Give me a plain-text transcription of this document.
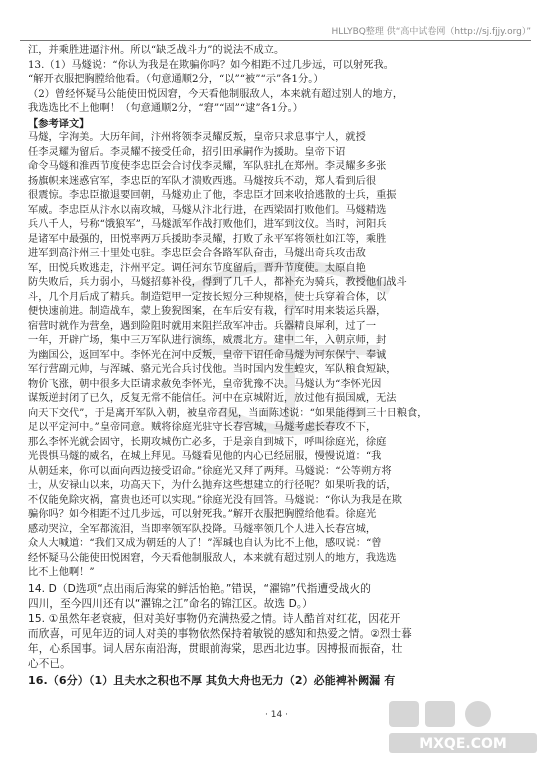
HLLYBQ整理 供“高中试卷网（http://sj.fjjy.org）”
江，并乘胜进逼汴州。所以“缺乏战斗力”的说法不成立。
13.（1）马燧说：“你认为我是在欺骗你吗？如今相距不过几步远，可以射死我。
“解开衣服把胸膛给他看。（句意通顺2分，“以”“被”“示”各1分。）
（2）曾经怀疑马公能使田悦因窘，今天看他制服敌人，本来就有超过别人的地方，
我选选比不上他啊！（句意通顺2分，“窘”“固”“逮”各1分。）
【参考译文】
马燧，字洵美。大历年间，汴州将领李灵耀反叛，皇帝只求息事宁人，就授
任李灵耀为留后。李灵耀不接受任命，招引田承嗣作为援助。皇帝下诏
命令马燧和淮西节度使李忠臣会合讨伐李灵耀，军队驻扎在郑州。李灵耀多多张
扬旗帜来迷惑官军，李忠臣的军队才溃败西逃。马燧按兵不动，郑人看到后很
很震惊。李忠臣撤退要回朝，马燧劝止了他，李忠臣才回来收拾逃散的士兵，重振
军威。李忠臣从汴水以南攻城，马燧从汴北行进，在西梁固打败他们。马燧精选
兵八千人，号称“饿狼军”，马燧派军作战打败他们，进军到汶仪。当时，河阳兵
是诸军中最强的，田悦率两万兵援助李灵耀，打败了永平军将领杜如江等，乘胜
进军到高汴州三十里处屯驻。李忠臣会合各路军队奋击，马燧出奇兵攻击敌
军，田悦兵败逃走，汴州平定。调任河东节度留后，晋升节度使。太原自艳
防失败后，兵力弱小，马燧招募补役，得到了几千人，都补充为骑兵，教授他们战斗
斗，几个月后成了精兵。制造铠甲一定按长短分三种规格，使士兵穿着合体，以
便快速前进。制造战车，蒙上狻猊图案，在车后安有栽，行军时用来装运兵器，
宿营时就作为营垒，遇到险阻时就用来阻拦敌军冲击。兵器精良犀利，过了一
一年，开辟广场，集中三万军队进行演练，威震北方。建中二年，入朝京师，封
为幽国公，返回军中。李怀光在河中反叛，皇帝下诏任命马燧为河东保宁、奉诚
军行营副元帅，与浑瑊、骆元光合兵讨伐他。当时国内发生蝗灾，军队粮食短缺，
物价飞涨，朝中很多大臣请求赦免李怀光，皇帝犹豫不决。马燧认为“李怀光因
谋叛逆封闭了已久，反复无常不能信任。河中在京城附近，放过他有损国威，无法
向天下交代”，于是离开军队入朝，被皇帝召见，当面陈述说：“如果能得到三十日粮食，
足以平定河中。”皇帝同意。贼将徐庭光驻守长春宫城，马燧考虑长春攻不下，
那么李怀光就会固守，长期攻城伤亡必多，于是亲自到城下，呼叫徐庭光，徐庭
光畏惧马燧的威名，在城上拜见。马燧看见他的内心已经屈服，慢慢说道：“我
从朝廷来，你可以面向西边接受诏命。”徐庭光又拜了两拜。马燧说：“公等朔方将
士，从安禄山以来，功高天下，为什么抛弃这些想建立的行径呢？如果听我的话，
不仅能免除灾祸，富贵也还可以实现。”徐庭光没有回答。马燧说：“你认为我是在欺
骗你吗？如今相距不过几步远，可以射死我。”解开衣服把胸膛给他看。徐庭光
感动哭泣，全军都流泪，当即率领军队投降。马燧率领几个人进入长春宫城，
众人大喊道：“我们又成为朝廷的人了！”浑瑊也自认为比不上他，感叹说：“曾
经怀疑马公能使田悦困窘，今天看他制服敌人，本来就有超过别人的地方，我选选
比不上他啊！”
14. D（D选项“点出雨后海棠的鲜活怡艳。”错误，“濯锦”代指遭受战火的
四川，至今四川还有以“濯锦之江”命名的锦江区。故选 D。）
15. ①虽然年老衰疲，但对美好事物仍充满热爱之情。诗人酷首对红花，因花开
而欣喜，可见年迈的词人对美的事物依然保持着敏锐的感知和热爱之情。②烈士暮
年，心系国事。词人居东南沿海，贯眼前海棠，思西北边事。因搏报而振奋，壮
心不已。
16.（6分）（1）且夫水之积也不厚 其负大舟也无力（2）必能裨补阙漏 有
· 14 ·
MXQE.COM
